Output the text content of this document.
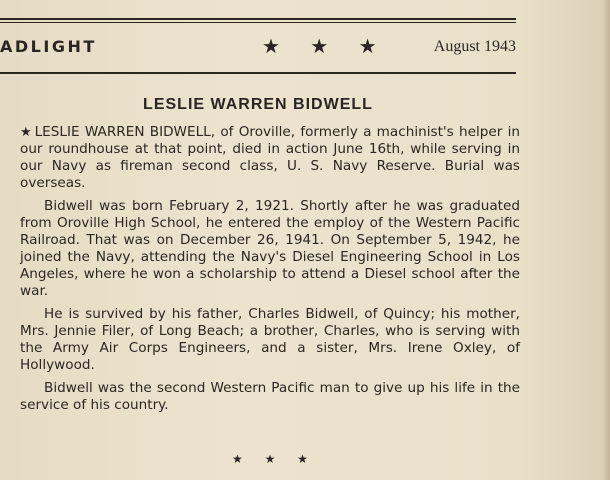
ADLIGHT	★ ★ ★	August 1943
LESLIE WARREN BIDWELL

★ LESLIE WARREN BIDWELL, of Oroville, formerly a machinist's helper in our roundhouse at that point, died in action June 16th, while serving in our Navy as fireman second class, U. S. Navy Reserve. Burial was overseas.

Bidwell was born February 2, 1921. Shortly after he was graduated from Oroville High School, he entered the employ of the Western Pacific Railroad. That was on December 26, 1941. On September 5, 1942, he joined the Navy, attending the Navy's Diesel Engineering School in Los Angeles, where he won a scholarship to attend a Diesel school after the war.

He is survived by his father, Charles Bidwell, of Quincy; his mother, Mrs. Jennie Filer, of Long Beach; a brother, Charles, who is serving with the Army Air Corps Engineers, and a sister, Mrs. Irene Oxley, of Hollywood.

Bidwell was the second Western Pacific man to give up his life in the service of his country.

★ ★ ★
